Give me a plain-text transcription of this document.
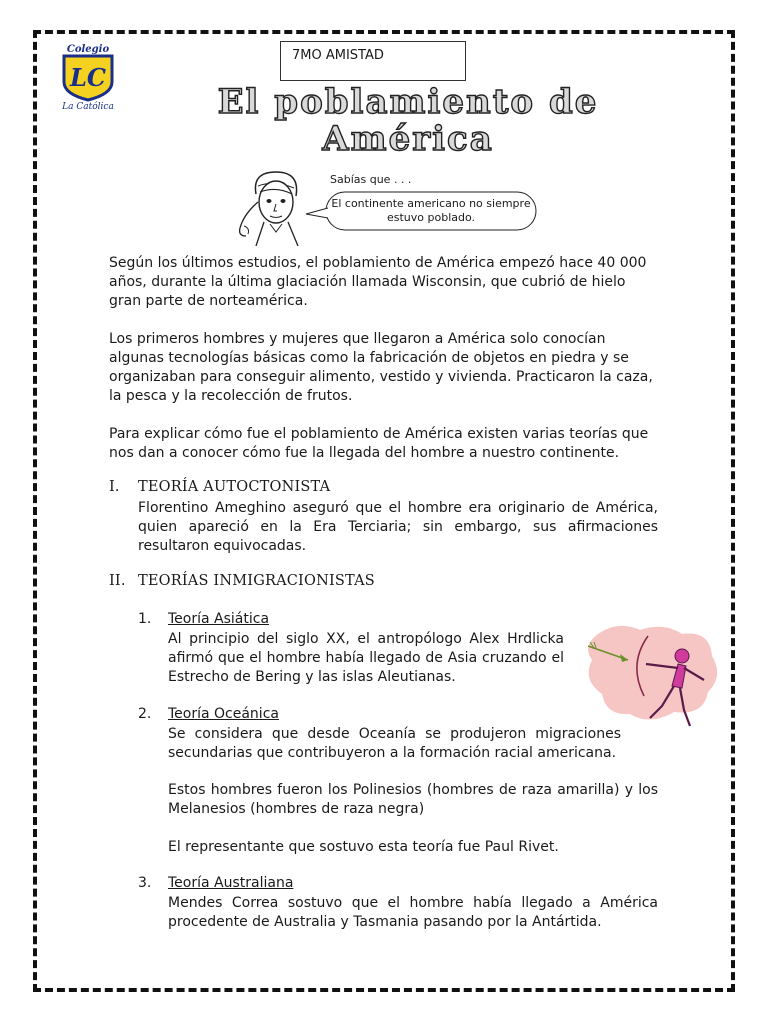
Colegio
LC
La Católica
7MO AMISTAD
El poblamiento de
América
Sabías que . . .
El continente americano no siempre
estuvo poblado.
Según los últimos estudios, el poblamiento de América empezó hace 40 000 años, durante la última glaciación llamada Wisconsin, que cubrió de hielo gran parte de norteamérica.
Los primeros hombres y mujeres que llegaron a América solo conocían algunas tecnologías básicas como la fabricación de objetos en piedra y se organizaban para conseguir alimento, vestido y vivienda. Practicaron la caza, la pesca y la recolección de frutos.
Para explicar cómo fue el poblamiento de América existen varias teorías que nos dan a conocer cómo fue la llegada del hombre a nuestro continente.
I. TEORÍA AUTOCTONISTA
Florentino Ameghino aseguró que el hombre era originario de América, quien apareció en la Era Terciaria; sin embargo, sus afirmaciones resultaron equivocadas.
II. TEORÍAS INMIGRACIONISTAS
1. Teoría Asiática
Al principio del siglo XX, el antropólogo Alex Hrdlicka afirmó que el hombre había llegado de Asia cruzando el Estrecho de Bering y las islas Aleutianas.
2. Teoría Oceánica
Se considera que desde Oceanía se produjeron migraciones secundarias que contribuyeron a la formación racial americana.
Estos hombres fueron los Polinesios (hombres de raza amarilla) y los Melanesios (hombres de raza negra)
El representante que sostuvo esta teoría fue Paul Rivet.
3. Teoría Australiana
Mendes Correa sostuvo que el hombre había llegado a América procedente de Australia y Tasmania pasando por la Antártida.
